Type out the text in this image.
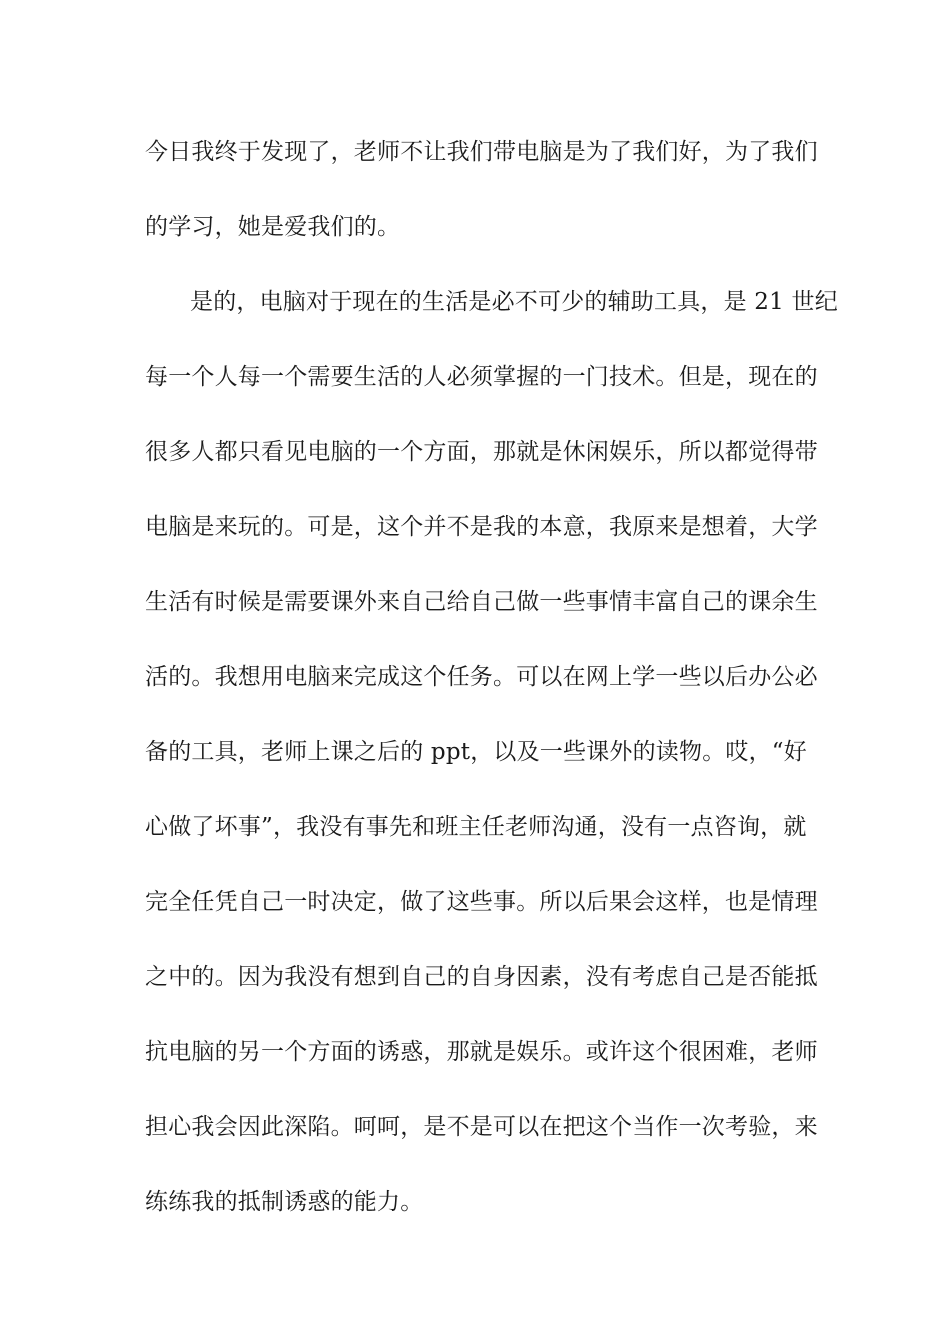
今日我终于发现了，老师不让我们带电脑是为了我们好，为了我们
的学习，她是爱我们的。
是的，电脑对于现在的生活是必不可少的辅助工具，是 21 世纪
每一个人每一个需要生活的人必须掌握的一门技术。但是，现在的
很多人都只看见电脑的一个方面，那就是休闲娱乐，所以都觉得带
电脑是来玩的。可是，这个并不是我的本意，我原来是想着，大学
生活有时候是需要课外来自己给自己做一些事情丰富自己的课余生
活的。我想用电脑来完成这个任务。可以在网上学一些以后办公必
备的工具，老师上课之后的 ppt，以及一些课外的读物。哎，“好
心做了坏事”，我没有事先和班主任老师沟通，没有一点咨询，就
完全任凭自己一时决定，做了这些事。所以后果会这样，也是情理
之中的。因为我没有想到自己的自身因素，没有考虑自己是否能抵
抗电脑的另一个方面的诱惑，那就是娱乐。或许这个很困难，老师
担心我会因此深陷。呵呵，是不是可以在把这个当作一次考验，来
练练我的抵制诱惑的能力。
